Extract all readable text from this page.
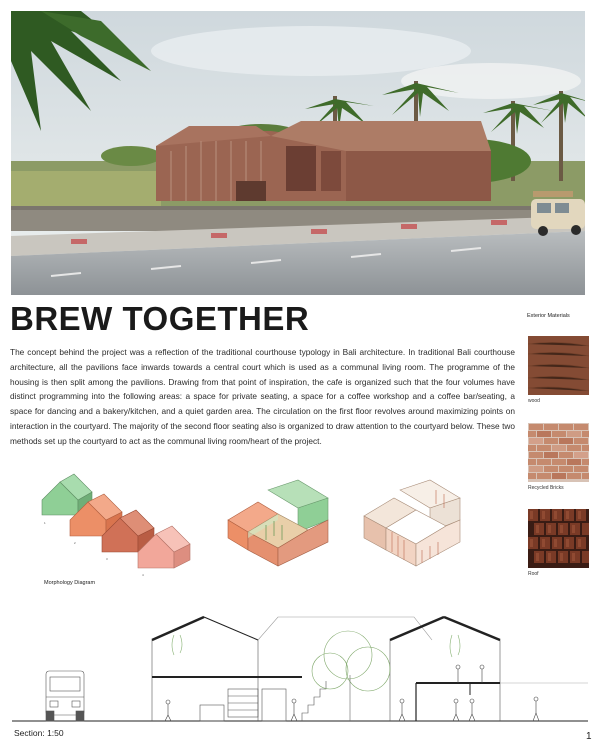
BREW TOGETHER

The concept behind the project was a reflection of the traditional courthouse typology in Bali architecture. In traditional Bali courthouse architecture, all the pavilions face inwards towards a central court which is used as a communal living room. The programme of the housing is then split among the pavilions. Drawing from that point of inspiration, the cafe is organized such that the four volumes have distinct programming into the following areas: a space for private seating, a space for a coffee workshop and a coffee bar/seating, a space for dancing and a bakery/kitchen, and a quiet garden area. The circulation on the first floor revolves around maximizing points on interaction in the courtyard. The majority of the second floor seating also is organized to draw attention to the courtyard below. These two methods set up the courtyard to act as the communal living room/heart of the project.

Exterior Materials
wood
Recycled Bricks
Roof
1
2
3
4
Morphology Diagram
Section: 1:50	1
